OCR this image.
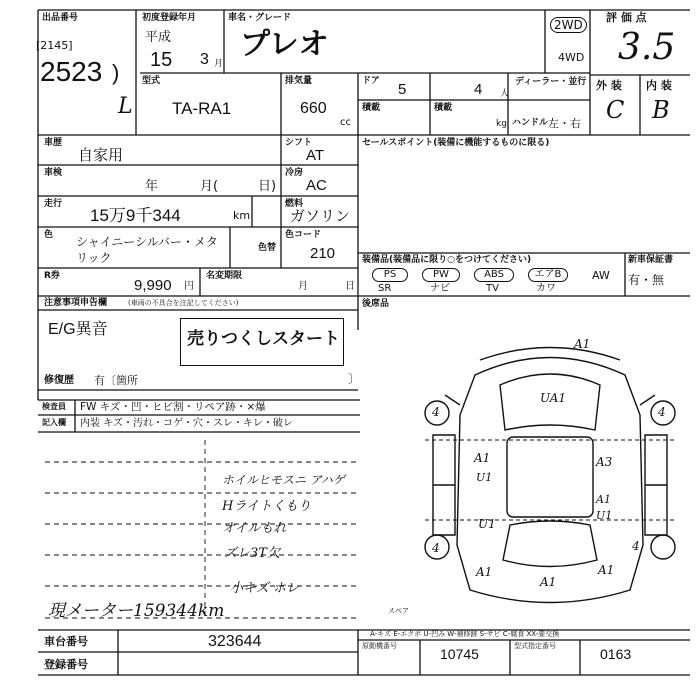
出品番号
[2145]
2523 )
L
初度登録年月
平成
15 3 月
車名・グレード
プレオ
2WD
4WD
評 価 点
3.5
型式
TA-RA1
排気量
660
cc
ドア 5
積載
4 人
ディーラー・並行
積載
kg ハンドル 左・右
外 装 内 装
C B
車歴
自家用
シフト
AT
セールスポイント(装備に機能するものに限る)
車検
年	月(	日)
冷房
AC
走行
15万9千344	km
燃料
ガソリン
色 シャイニーシルバー・メタ
リック
色替
色コード
210
R券
9,990 円
名変期限
月	日
装備品(装備品に限り○をつけてください)
PS	PW	ABS	エアB	AW
SR	ナビ	TV	カワ
新車保証書
有・無
後席品
注意事項申告欄	(車両の不具合を注記してください)
E/G異音	売りつくしスタート
修復歴 有〔箇所	〕
検査員
記入欄
FW キズ・凹・ヒビ割・リペア跡・×爆
内装 キズ・汚れ・コゲ・穴・スレ・キレ・破レ
ホイルヒモスニ アハゲ
Hライトくもり
オイルもれ
ズレ3T欠
小キズ ホレ
現メーター159344km
A1
UA1
4	4
A1
U1
A3
A1
U1
U1
4	4
A1
A1
A1
スペア
車台番号	323644
登録番号
A-キズ E-エクボ U-凹み W-補修跡 S-サビ C-腐食 XX-要交換
原動機番号	10745	型式指定番号	0163
